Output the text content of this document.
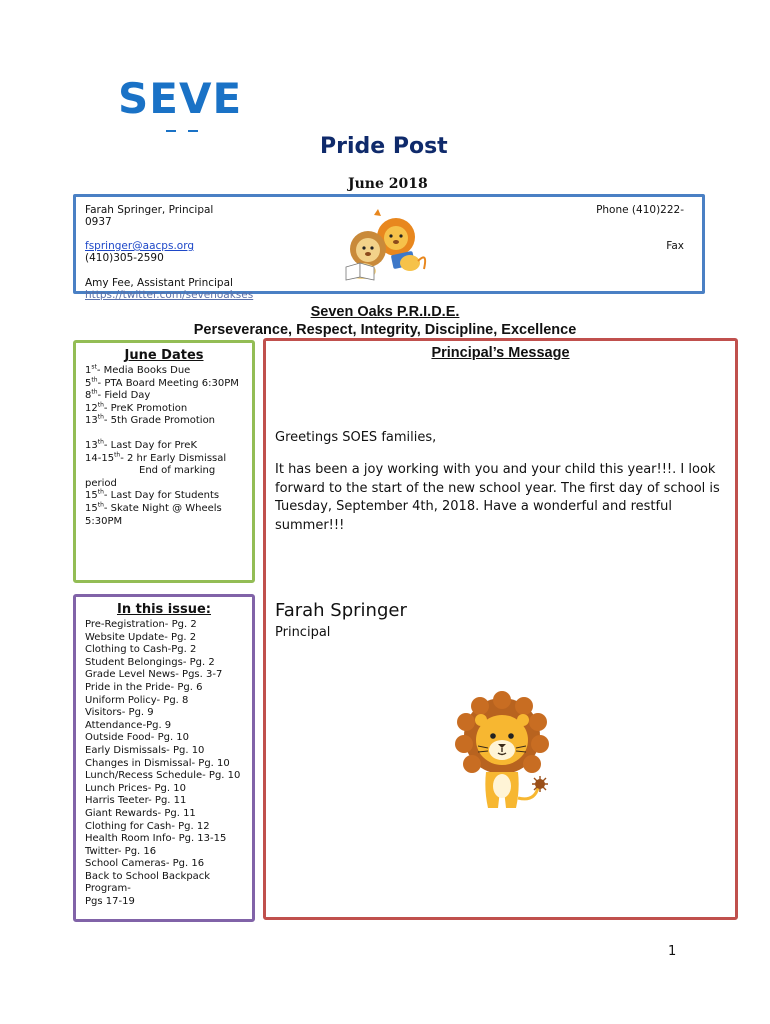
SEVE
Pride Post
June 2018
Farah Springer, Principal	Phone (410)222-
0937
fspringer@aacps.org	Fax
(410)305-2590
Amy Fee, Assistant Principal
https://twitter.com/sevenoakses
Seven Oaks P.R.I.D.E.
Perseverance, Respect, Integrity, Discipline, Excellence
June Dates
1st- Media Books Due
5th- PTA Board Meeting 6:30PM
8th- Field Day
12th- PreK Promotion
13th- 5th Grade Promotion
13th- Last Day for PreK
14-15th- 2 hr Early Dismissal
End of marking
period
15th- Last Day for Students
15th- Skate Night @ Wheels
5:30PM
In this issue:
Pre-Registration- Pg. 2
Website Update- Pg. 2
Clothing to Cash-Pg. 2
Student Belongings- Pg. 2
Grade Level News- Pgs. 3-7
Pride in the Pride- Pg. 6
Uniform Policy- Pg. 8
Visitors- Pg. 9
Attendance-Pg. 9
Outside Food- Pg. 10
Early Dismissals- Pg. 10
Changes in Dismissal- Pg. 10
Lunch/Recess Schedule- Pg. 10
Lunch Prices- Pg. 10
Harris Teeter- Pg. 11
Giant Rewards- Pg. 11
Clothing for Cash- Pg. 12
Health Room Info- Pg. 13-15
Twitter- Pg. 16
School Cameras- Pg. 16
Back to School Backpack
Program-
Pgs 17-19
Principal’s Message
Greetings SOES families,
It has been a joy working with you and your child this year!!!. I look forward to the start of the new school year. The first day of school is Tuesday, September 4th, 2018. Have a wonderful and restful summer!!!
Farah Springer
Principal
1
